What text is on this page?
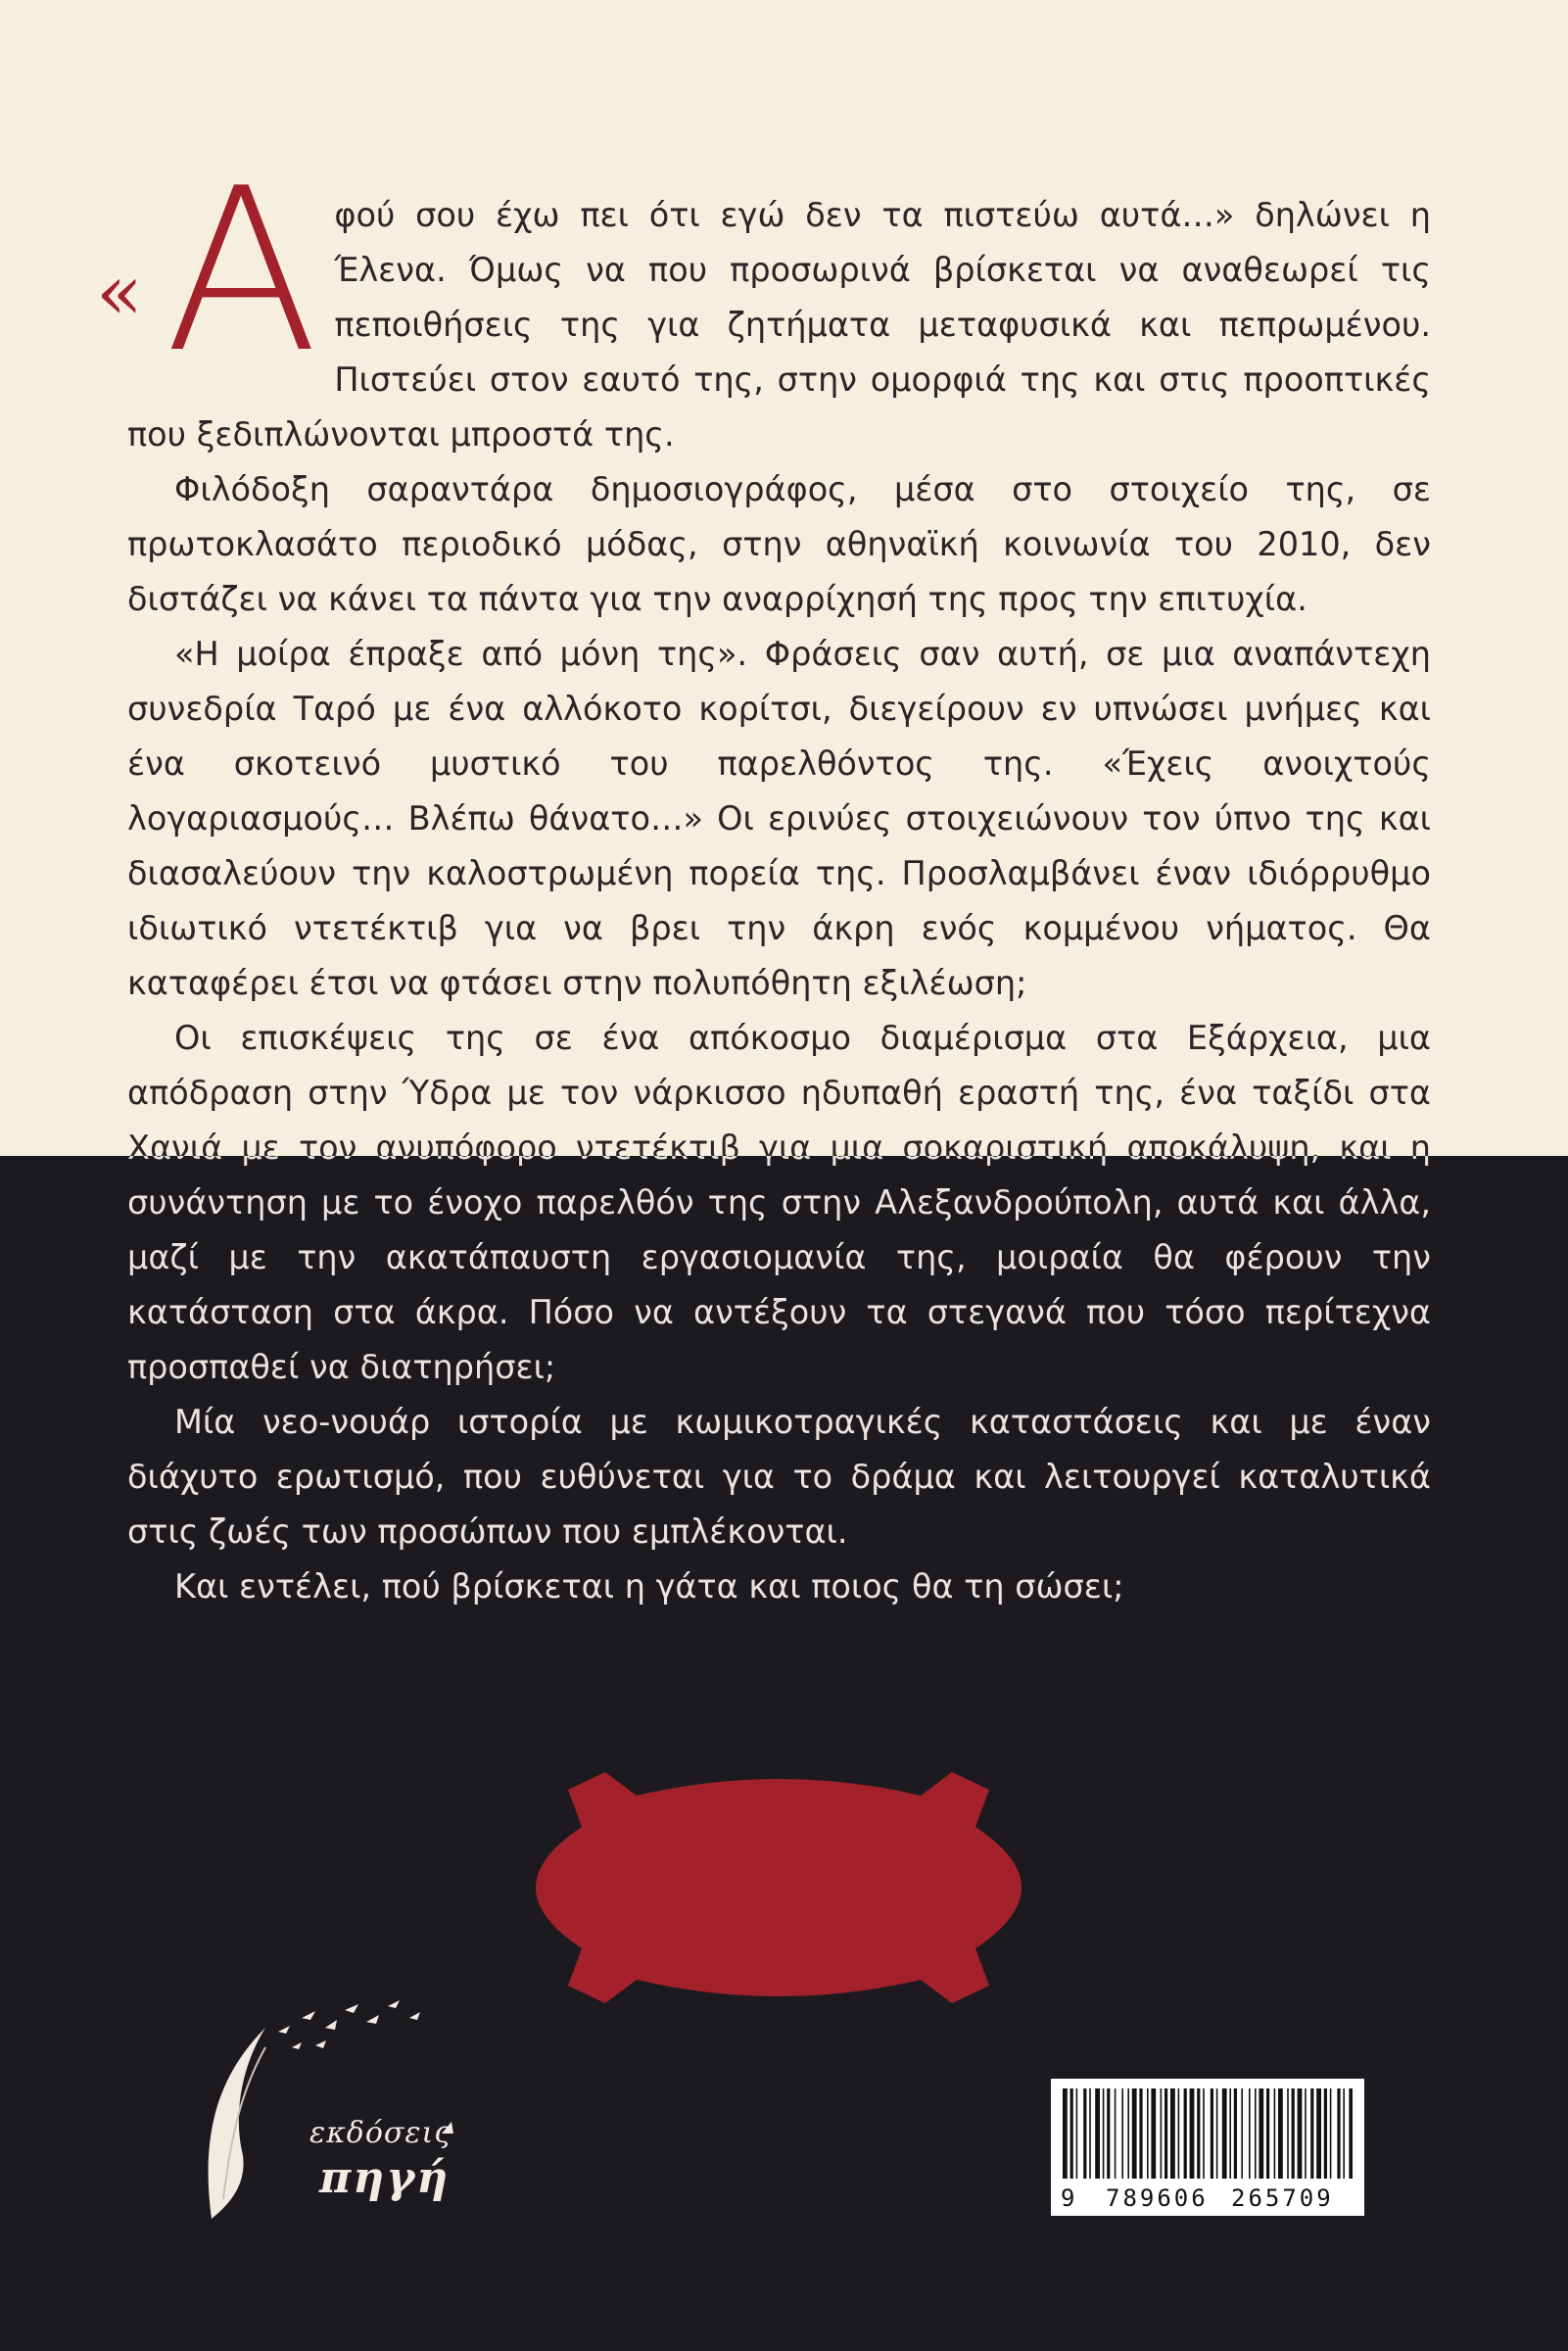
« Αφού σου έχω πει ότι εγώ δεν τα πιστεύω αυτά…» δηλώνει η Έλενα. Όμως να που προσωρινά βρίσκεται να αναθεωρεί τις πεποιθήσεις της για ζητήματα μεταφυσικά και πεπρωμένου. Πιστεύει στον εαυτό της, στην ομορφιά της και στις προοπτικές που ξεδιπλώνονται μπροστά της.

Φιλόδοξη σαραντάρα δημοσιογράφος, μέσα στο στοιχείο της, σε πρωτοκλασάτο περιοδικό μόδας, στην αθηναϊκή κοινωνία του 2010, δεν διστάζει να κάνει τα πάντα για την αναρρίχησή της προς την επιτυχία.

«Η μοίρα έπραξε από μόνη της». Φράσεις σαν αυτή, σε μια αναπάντεχη συνεδρία Ταρό με ένα αλλόκοτο κορίτσι, διεγείρουν εν υπνώσει μνήμες και ένα σκοτεινό μυστικό του παρελθόντος της. «Έχεις ανοιχτούς λογαριασμούς… Βλέπω θάνατο…» Οι ερινύες στοιχειώνουν τον ύπνο της και διασαλεύουν την καλοστρωμένη πορεία της. Προσλαμβάνει έναν ιδιόρρυθμο ιδιωτικό ντετέκτιβ για να βρει την άκρη ενός κομμένου νήματος. Θα καταφέρει έτσι να φτάσει στην πολυπόθητη εξιλέωση;

Οι επισκέψεις της σε ένα απόκοσμο διαμέρισμα στα Εξάρχεια, μια απόδραση στην Ύδρα με τον νάρκισσο ηδυπαθή εραστή της, ένα ταξίδι στα Χανιά με τον ανυπόφορο ντετέκτιβ για μια σοκαριστική αποκάλυψη, και η συνάντηση με το ένοχο παρελθόν της στην Αλεξανδρούπολη, αυτά και άλλα, μαζί με την ακατάπαυστη εργασιομανία της, μοιραία θα φέρουν την κατάσταση στα άκρα. Πόσο να αντέξουν τα στεγανά που τόσο περίτεχνα προσπαθεί να διατηρήσει;

Μία νεο-νουάρ ιστορία με κωμικοτραγικές καταστάσεις και με έναν διάχυτο ερωτισμό, που ευθύνεται για το δράμα και λειτουργεί καταλυτικά στις ζωές των προσώπων που εμπλέκονται.

Και εντέλει, πού βρίσκεται η γάτα και ποιος θα τη σώσει;

εκδόσεις
πηγή	9 789606 265709
